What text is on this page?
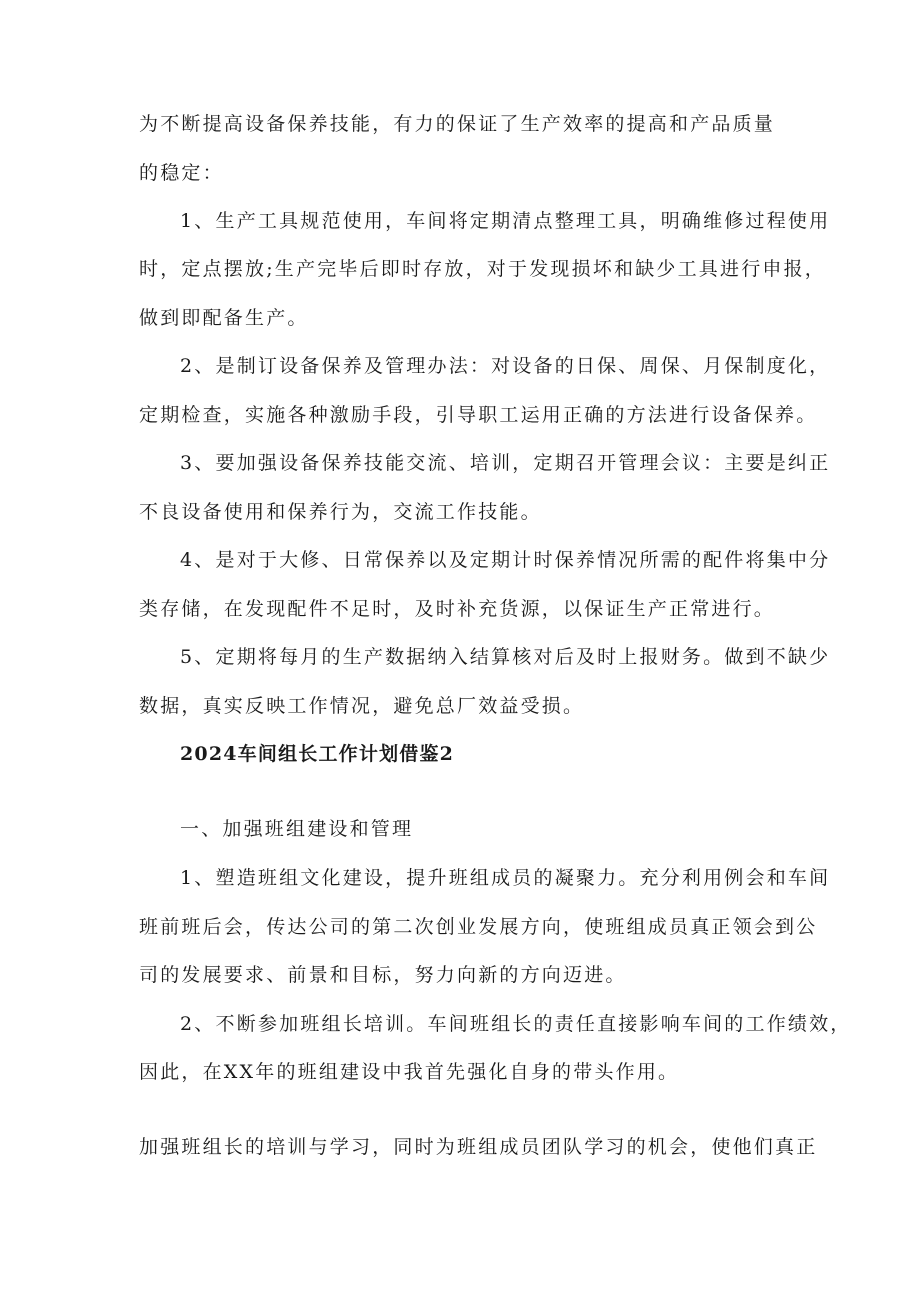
为不断提高设备保养技能，有力的保证了生产效率的提高和产品质量
的稳定：
1、生产工具规范使用，车间将定期清点整理工具，明确维修过程使用
时，定点摆放;生产完毕后即时存放，对于发现损坏和缺少工具进行申报，
做到即配备生产。
2、是制订设备保养及管理办法：对设备的日保、周保、月保制度化，
定期检查，实施各种激励手段，引导职工运用正确的方法进行设备保养。
3、要加强设备保养技能交流、培训，定期召开管理会议：主要是纠正
不良设备使用和保养行为，交流工作技能。
4、是对于大修、日常保养以及定期计时保养情况所需的配件将集中分
类存储，在发现配件不足时，及时补充货源，以保证生产正常进行。
5、定期将每月的生产数据纳入结算核对后及时上报财务。做到不缺少
数据，真实反映工作情况，避免总厂效益受损。
2024车间组长工作计划借鉴2
一、加强班组建设和管理
1、塑造班组文化建设，提升班组成员的凝聚力。充分利用例会和车间
班前班后会，传达公司的第二次创业发展方向，使班组成员真正领会到公
司的发展要求、前景和目标，努力向新的方向迈进。
2、不断参加班组长培训。车间班组长的责任直接影响车间的工作绩效，
因此，在XX年的班组建设中我首先强化自身的带头作用。
加强班组长的培训与学习，同时为班组成员团队学习的机会，使他们真正
